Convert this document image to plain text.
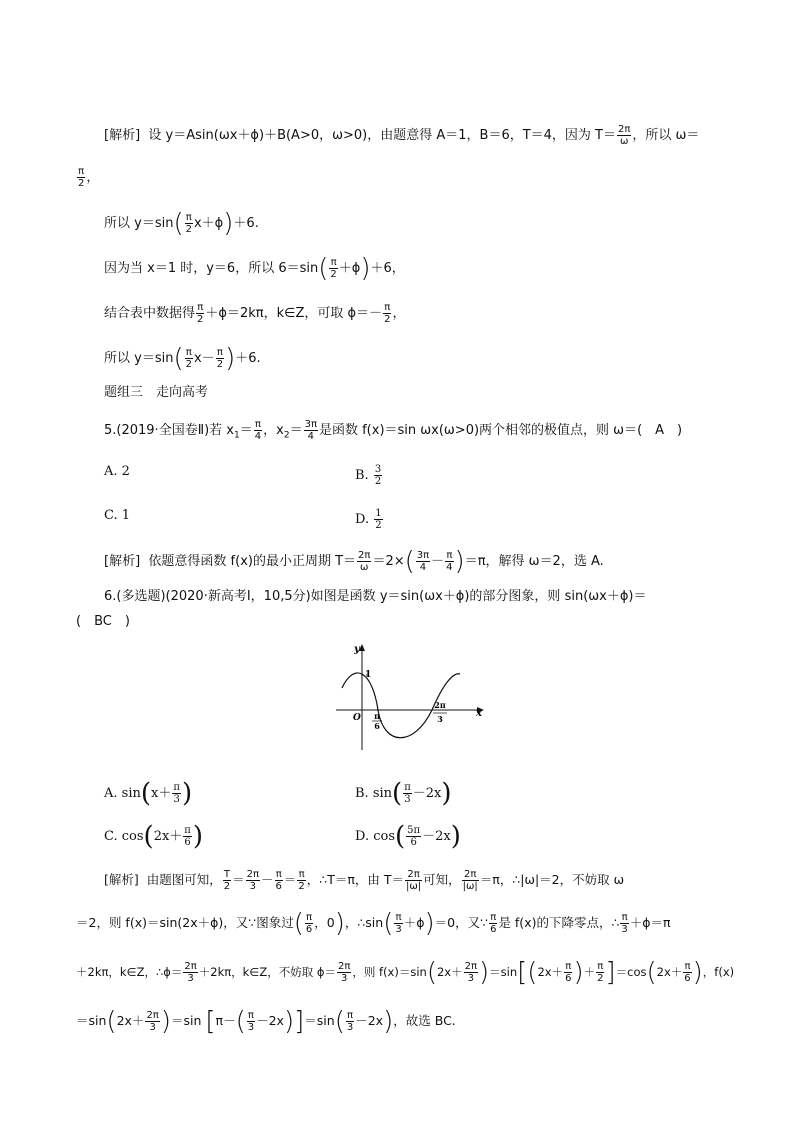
[解析] 设 y＝Asin(ωx＋ϕ)＋B(A>0，ω>0)，由题意得 A＝1，B＝6，T＝4，因为 $T= \frac{2\pi}{\omega}$ ，所以 ω＝
$\frac{\pi}{2}$ ，
所以 $y=\sin( \frac{\pi}{2} x+\phi)+6$.
因为当 x＝1 时，y＝6，所以 $6=\sin( \frac{\pi}{2} +\phi)+6$，
结合表中数据得 $\frac{\pi}{2} +\phi=2k\pi$，k∈Z，可取 $\phi=- \frac{\pi}{2}$ ，
所以 $y=\sin( \frac{\pi}{2} x- \frac{\pi}{2} )+6$.
题组三　走向高考
5.(2019·全国卷Ⅱ)若 $x_1= \frac{\pi}{4}$ ，$x_2= \frac{3\pi}{4}$ 是函数 f(x)＝sin ωx(ω>0)两个相邻的极值点，则 ω＝(　A　)
A. 2	B. $\frac{3}{2}$
C. 1	D. $\frac{1}{2}$
[解析] 依题意得函数 f(x)的最小正周期 $T= \frac{2\pi}{\omega} =2\times( \frac{3\pi}{4} - \frac{\pi}{4} )=\pi$，解得 ω＝2，选 A.
6.(多选题)(2020·新高考Ⅰ，10,5分)如图是函数 y＝sin(ωx＋ϕ)的部分图象，则 sin(ωx＋ϕ)＝
(　BC　)
y
x
O
1
π
6
2π
3
A. $\sin(x+ \frac{\pi}{3}$ )	B. $\sin( \frac{\pi}{3} -2x)$
C. $\cos(2x+ \frac{\pi}{6}$ )	D. $\cos( \frac{5\pi}{6} -2x)$
[解析] 由题图可知， $\frac{T}{2} = \frac{2\pi}{3} - \frac{\pi}{6} = \frac{\pi}{2}$ ，∴T＝π，由 $T= \frac{2\pi}{|\omega|}$ 可知， $\frac{2\pi}{|\omega|} =\pi$，∴|ω|＝2，不妨取 ω
＝2，则 f(x)＝sin(2x＋ϕ)，又∵图象过( $\frac{\pi}{6}$ ，0)，∴sin( $\frac{\pi}{3} +\phi)=0$，又∵ $\frac{\pi}{6}$ 是 f(x)的下降零点，∴ $\frac{\pi}{3} +\phi=\pi$
＋2kπ，k∈Z，∴ϕ＝ $\frac{2\pi}{3} +2k\pi$，k∈Z，不妨取 $\phi= \frac{2\pi}{3}$ ，则 $f(x)=\sin(2x+ \frac{2\pi}{3} )=\sin[(2x+ \frac{\pi}{6}$ )＋ $\frac{\pi}{2} ]=\cos(2x+ \frac{\pi}{6}$ )，f(x)
$=\sin(2x+ \frac{2\pi}{3} )=\sin$ $[\pi-( \frac{\pi}{3} -2x)]=\sin( \frac{\pi}{3} -2x)$，故选 BC.
